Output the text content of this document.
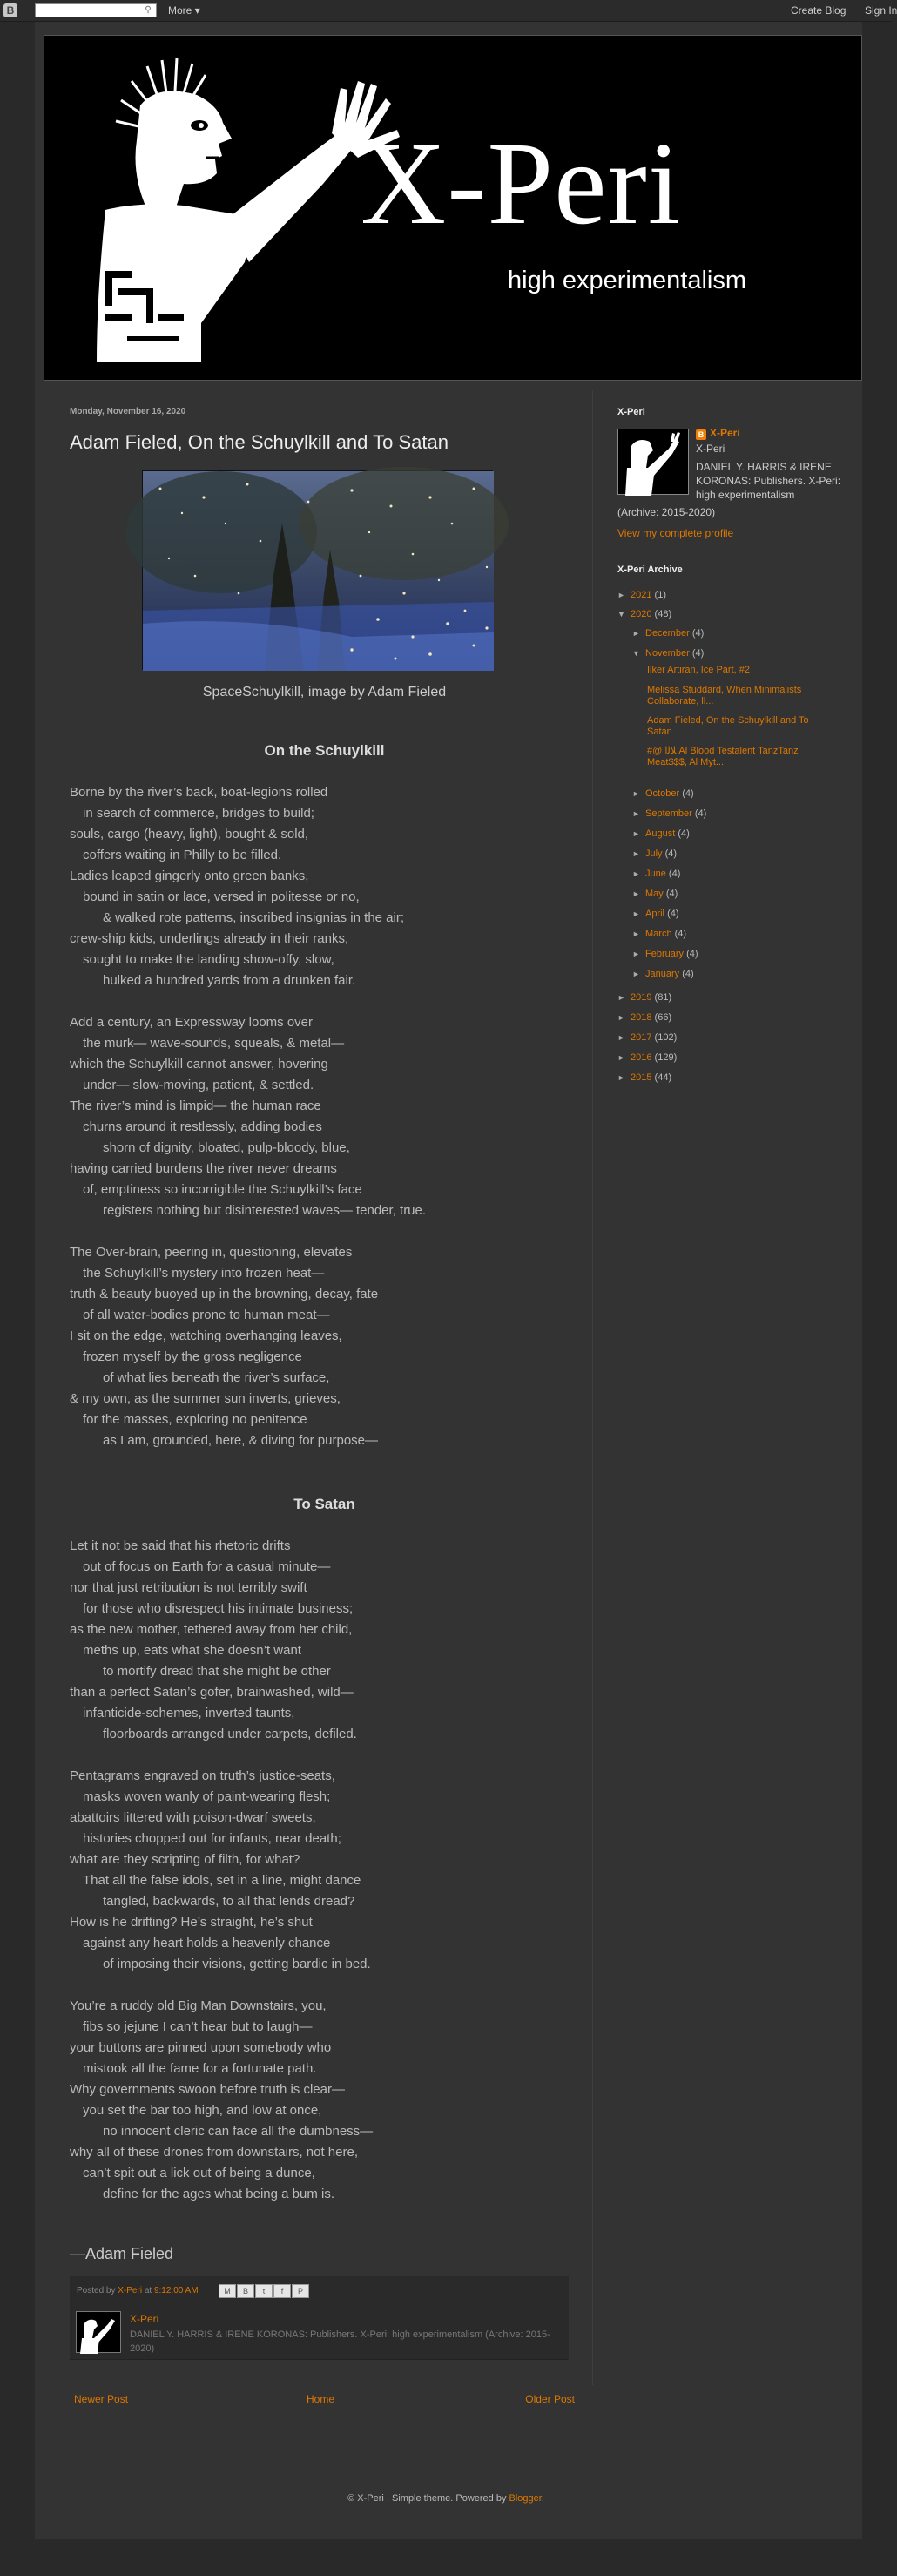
B	⚲ More ▾	Create Blog Sign In
X-Peri
high experimentalism
Monday, November 16, 2020
Adam Fieled, On the Schuylkill and To Satan
SpaceSchuylkill, image by Adam Fieled
On the Schuylkill
Borne by the river’s back, boat-legions rolled
in search of commerce, bridges to build;
souls, cargo (heavy, light), bought & sold,
coffers waiting in Philly to be filled.
Ladies leaped gingerly onto green banks,
bound in satin or lace, versed in politesse or no,
& walked rote patterns, inscribed insignias in the air;
crew-ship kids, underlings already in their ranks,
sought to make the landing show-offy, slow,
hulked a hundred yards from a drunken fair.
Add a century, an Expressway looms over
the murk— wave-sounds, squeals, & metal—
which the Schuylkill cannot answer, hovering
under— slow-moving, patient, & settled.
The river’s mind is limpid— the human race
churns around it restlessly, adding bodies
shorn of dignity, bloated, pulp-bloody, blue,
having carried burdens the river never dreams
of, emptiness so incorrigible the Schuylkill’s face
registers nothing but disinterested waves— tender, true.
The Over-brain, peering in, questioning, elevates
the Schuylkill’s mystery into frozen heat—
truth & beauty buoyed up in the browning, decay, fate
of all water-bodies prone to human meat—
I sit on the edge, watching overhanging leaves,
frozen myself by the gross negligence
of what lies beneath the river’s surface,
& my own, as the summer sun inverts, grieves,
for the masses, exploring no penitence
as I am, grounded, here, & diving for purpose—
To Satan
Let it not be said that his rhetoric drifts
out of focus on Earth for a casual minute—
nor that just retribution is not terribly swift
for those who disrespect his intimate business;
as the new mother, tethered away from her child,
meths up, eats what she doesn’t want
to mortify dread that she might be other
than a perfect Satan’s gofer, brainwashed, wild—
infanticide-schemes, inverted taunts,
floorboards arranged under carpets, defiled.
Pentagrams engraved on truth’s justice-seats,
masks woven wanly of paint-wearing flesh;
abattoirs littered with poison-dwarf sweets,
histories chopped out for infants, near death;
what are they scripting of filth, for what?
That all the false idols, set in a line, might dance
tangled, backwards, to all that lends dread?
How is he drifting? He’s straight, he’s shut
against any heart holds a heavenly chance
of imposing their visions, getting bardic in bed.
You’re a ruddy old Big Man Downstairs, you,
fibs so jejune I can’t hear but to laugh—
your buttons are pinned upon somebody who
mistook all the fame for a fortunate path.
Why governments swoon before truth is clear—
you set the bar too high, and low at once,
no innocent cleric can face all the dumbness—
why all of these drones from downstairs, not here,
can’t spit out a lick out of being a dunce,
define for the ages what being a bum is.
—Adam Fieled
Posted by X-Peri at 9:12:00 AM	M	B	t	f	P
X-Peri
DANIEL Y. HARRIS & IRENE KORONAS: Publishers. X-Peri: high experimentalism (Archive: 2015-2020)
Newer Post	Home	Older Post
X-Peri
B X-Peri
X-Peri
DANIEL Y. HARRIS & IRENE KORONAS: Publishers. X-Peri: high experimentalism
(Archive: 2015-2020)
View my complete profile
X-Peri Archive
► 2021 (1)
▼ 2020 (48)
► December (4)
▼ November (4)
Ilker Artiran, Ice Part, #2
Melissa Studdard, When Minimalists Collaborate, ll...
Adam Fieled, On the Schuylkill and To Satan
#@ ﻼﻟﺍ Al Blood Testalent TanzTanz Meat$$$, Al Myt...
► October (4)
► September (4)
► August (4)
► July (4)
► June (4)
► May (4)
► April (4)
► March (4)
► February (4)
► January (4)
► 2019 (81)
► 2018 (66)
► 2017 (102)
► 2016 (129)
► 2015 (44)
© X-Peri . Simple theme. Powered by Blogger.
